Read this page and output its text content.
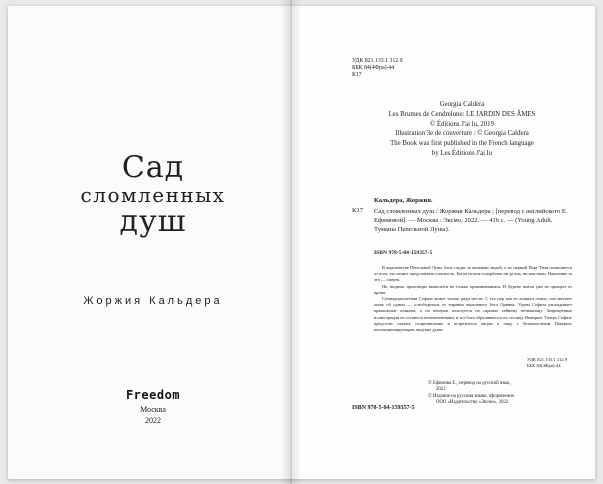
Сад
сломленных
душ
Жоржия Кальдера
Freedom
Москва
2022
УДК 821.133.1 312.9
ББК 84(4Фра)-44
К17
Georgia Caldera
Les Brumes de Cendrelune: LE JARDIN DES ÂMES
© Éditions J'ai lu, 2019
Illustration 3e de couverture : © Georgia Caldera
The Book was first published in the French language
by Les Éditions J'ai lu
Кальдера, Жоржия.
К17 Сад сломленных душ / Жоржия Кальдера ; [перевод с английского Е. Ефимовой]. — Москва : Эксмо, 2022. — 416 с. — (Young Adult. Туманы Пепельной Луны).
ISBN 978-5-04-159357-5

В королевстве Пепельной Луны боги следят за жизнями людей, а их первый Пакт Тени позволяется от всех, кто может представлять опасность. Богов нельзя оскорблять ни делом, ни мыслями. Наказание за это — смерть.

Но, видимо, приговоры выносятся не только провинившимся. И Дерево ныток уже не прощает от крови.

Семнадцатилетняя Сефиза живет только ради мести. С тех пор как ее лишили семьи, она мечтает лишь об одном — освободиться от тирании верховного бога Орвина. Угром Сефиза раскидывает крамольные плакаты, а по вечерам пользуется на скрипке тайному незнакомцу. Запрещенные иллюстрации не остаются незамеченными, и тот бога обрушивается на столицу Империи. Теперь Сефизе предстоит оказать сопротивление и встретиться лицом к лицу с безжалостным Пакером, коллекционирующим людские души.

УДК 821.133.1 312.9
ББК 84(4Фра)-44
ISBN 978-5-04-159357-5
© Ефимова Е., перевод на русский язык,
2022
© Издание на русском языке, оформление.
ООО «Издательство «Эксмо», 2022
